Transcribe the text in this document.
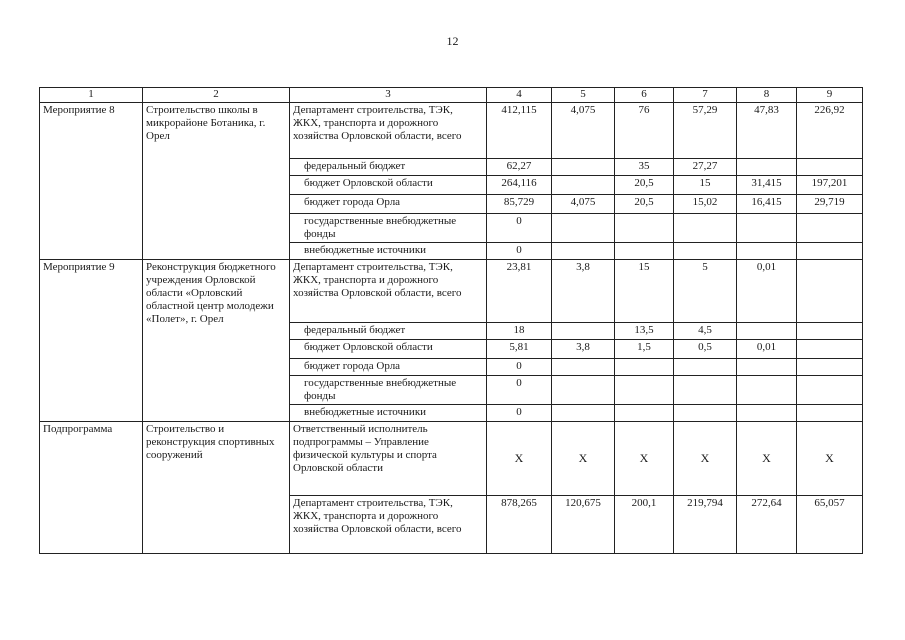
12
1	2	3	4	5	6	7	8	9
Мероприятие 8	Строительство школы в микрорайоне Ботаника, г. Орел	Департамент строительства, ТЭК, ЖКХ, транспорта и дорожного хозяйства Орловской области, всего	412,115	4,075	76	57,29	47,83	226,92
		федеральный бюджет	62,27		35	27,27		
		бюджет Орловской области	264,116		20,5	15	31,415	197,201
		бюджет города Орла	85,729	4,075	20,5	15,02	16,415	29,719
		государственные внебюджетные фонды	0					
		внебюджетные источники	0					
Мероприятие 9	Реконструкция бюджетного учреждения Орловской области «Орловский областной центр молодежи «Полет», г. Орел	Департамент строительства, ТЭК, ЖКХ, транспорта и дорожного хозяйства Орловской области, всего	23,81	3,8	15	5	0,01	
		федеральный бюджет	18		13,5	4,5		
		бюджет Орловской области	5,81	3,8	1,5	0,5	0,01	
		бюджет города Орла	0					
		государственные внебюджетные фонды	0					
		внебюджетные источники	0					
Подпрограмма	Строительство и реконструкция спортивных сооружений	Ответственный исполнитель подпрограммы – Управление физической культуры и спорта Орловской области	Х	Х	Х	Х	Х	Х
		Департамент строительства, ТЭК, ЖКХ, транспорта и дорожного хозяйства Орловской области, всего	878,265	120,675	200,1	219,794	272,64	65,057
